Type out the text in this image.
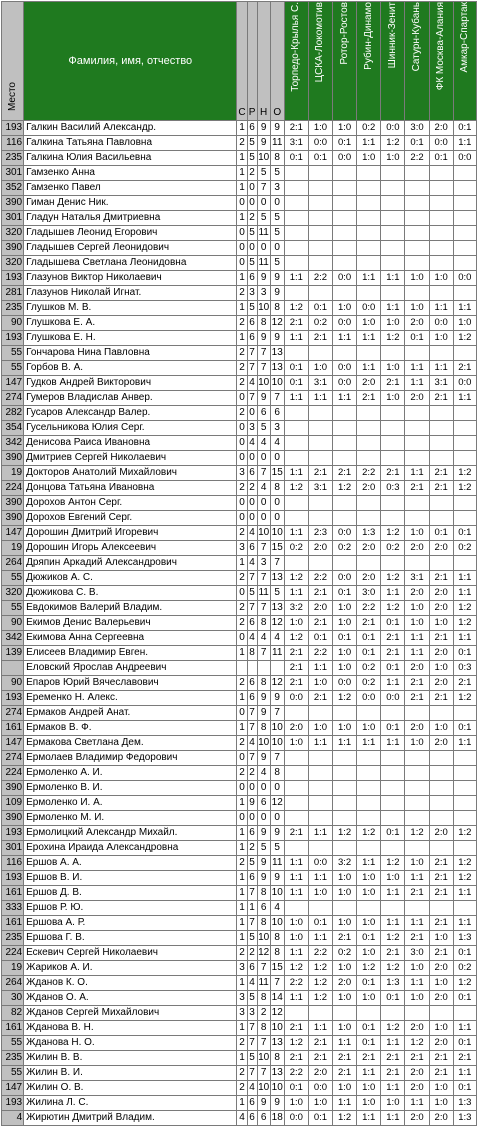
Место	Фамилия, имя, отчество	С	Р	Н	О	Торпедо-Крылья С.	ЦСКА-Локомотив	Ротор-Ростов	Рубин-Динамо	Шинник-Зенит	Сатурн-Кубань	ФК Москва-Алания	Амкар-Спартак
193	Галкин Василий Александр.	1	6	9	9	2:1	1:0	1:0	0:2	0:0	3:0	2:0	0:1
116	Галкина Татьяна Павловна	2	5	9	11	3:1	0:0	0:1	1:1	1:2	0:1	0:0	1:1
235	Галкина Юлия Васильевна	1	5	10	8	0:1	0:1	0:0	1:0	1:0	2:2	0:1	0:0
301	Гамзенко Анна	1	2	5	5								
352	Гамзенко Павел	1	0	7	3								
390	Гиман Денис Ник.	0	0	0	0								
301	Гладун Наталья Дмитриевна	1	2	5	5								
320	Гладышев Леонид Егорович	0	5	11	5								
390	Гладышев Сергей Леонидович	0	0	0	0								
320	Гладышева Светлана Леонидовна	0	5	11	5								
193	Глазунов Виктор Николаевич	1	6	9	9	1:1	2:2	0:0	1:1	1:1	1:0	1:0	0:0
281	Глазунов Николай Игнат.	2	3	3	9								
235	Глушков М. В.	1	5	10	8	1:2	0:1	1:0	0:0	1:1	1:0	1:1	1:1
90	Глушкова Е. А.	2	6	8	12	2:1	0:2	0:0	1:0	1:0	2:0	0:0	1:0
193	Глушкова Е. Н.	1	6	9	9	1:1	2:1	1:1	1:1	1:2	0:1	1:0	1:2
55	Гончарова Нина Павловна	2	7	7	13								
55	Горбов В. А.	2	7	7	13	0:1	1:0	0:0	1:1	1:0	1:1	1:1	2:1
147	Гудков Андрей Викторович	2	4	10	10	0:1	3:1	0:0	2:0	2:1	1:1	3:1	0:0
274	Гумеров Владислав Анвер.	0	7	9	7	1:1	1:1	1:1	2:1	1:0	2:0	2:1	1:1
282	Гусаров Александр Валер.	2	0	6	6								
354	Гусельникова Юлия Серг.	0	3	5	3								
342	Денисова Раиса Ивановна	0	4	4	4								
390	Дмитриев Сергей Николаевич	0	0	0	0								
19	Докторов Анатолий Михайлович	3	6	7	15	1:1	2:1	2:1	2:2	2:1	1:1	2:1	1:2
224	Донцова Татьяна Ивановна	2	2	4	8	1:2	3:1	1:2	2:0	0:3	2:1	2:1	1:2
390	Дорохов Антон Серг.	0	0	0	0								
390	Дорохов Евгений Серг.	0	0	0	0								
147	Дорошин Дмитрий Игоревич	2	4	10	10	1:1	2:3	0:0	1:3	1:2	1:0	0:1	0:1
19	Дорошин Игорь Алексеевич	3	6	7	15	0:2	2:0	0:2	2:0	0:2	2:0	2:0	0:2
264	Дряпин Аркадий Александрович	1	4	3	7								
55	Дюжиков А. С.	2	7	7	13	1:2	2:2	0:0	2:0	1:2	3:1	2:1	1:1
320	Дюжикова С. В.	0	5	11	5	1:1	2:1	0:1	3:0	1:1	2:0	2:0	1:1
55	Евдокимов Валерий Владим.	2	7	7	13	3:2	2:0	1:0	2:2	1:2	1:0	2:0	1:2
90	Екимов Денис Валерьевич	2	6	8	12	1:0	2:1	1:0	2:1	0:1	1:0	1:0	1:2
342	Екимова Анна Сергеевна	0	4	4	4	1:2	0:1	0:1	0:1	2:1	1:1	2:1	1:1
139	Елисеев Владимир Евген.	1	8	7	11	2:1	2:2	1:0	0:1	2:1	1:1	2:0	0:1
	Еловский Ярослав Андреевич					2:1	1:1	1:0	0:2	0:1	2:0	1:0	0:3
90	Епаров Юрий Вячеславович	2	6	8	12	2:1	1:0	0:0	0:2	1:1	2:1	2:0	2:1
193	Еременко Н. Алекс.	1	6	9	9	0:0	2:1	1:2	0:0	0:0	2:1	2:1	1:2
274	Ермаков Андрей Анат.	0	7	9	7								
161	Ермаков В. Ф.	1	7	8	10	2:0	1:0	1:0	1:0	0:1	2:0	1:0	0:1
147	Ермакова Светлана Дем.	2	4	10	10	1:0	1:1	1:1	1:1	1:1	1:0	2:0	1:1
274	Ермолаев Владимир Федорович	0	7	9	7								
224	Ермоленко А. И.	2	2	4	8								
390	Ермоленко В. И.	0	0	0	0								
109	Ермоленко И. А.	1	9	6	12								
390	Ермоленко М. И.	0	0	0	0								
193	Ермолицкий Александр Михайл.	1	6	9	9	2:1	1:1	1:2	1:2	0:1	1:2	2:0	1:2
301	Ерохина Ираида Александровна	1	2	5	5								
116	Ершов А. А.	2	5	9	11	1:1	0:0	3:2	1:1	1:2	1:0	2:1	1:2
193	Ершов В. И.	1	6	9	9	1:1	1:1	1:0	1:0	1:0	1:1	2:1	1:2
161	Ершов Д. В.	1	7	8	10	1:1	1:0	1:0	1:0	1:1	2:1	2:1	1:1
333	Ершов Р. Ю.	1	1	6	4								
161	Ершова А. Р.	1	7	8	10	1:0	0:1	1:0	1:0	1:1	1:1	2:1	1:1
235	Ершова Г. В.	1	5	10	8	1:0	1:1	2:1	0:1	1:2	2:1	1:0	1:3
224	Ескевич Сергей Николаевич	2	2	12	8	1:1	2:2	0:2	1:0	2:1	3:0	2:1	0:1
19	Жариков А. И.	3	6	7	15	1:2	1:2	1:0	1:2	1:2	1:0	2:0	0:2
264	Жданов К. О.	1	4	11	7	2:2	1:2	2:0	0:1	1:3	1:1	1:0	1:2
30	Жданов О. А.	3	5	8	14	1:1	1:2	1:0	1:0	0:1	1:0	2:0	0:1
82	Жданов Сергей Михайлович	3	3	2	12								
161	Жданова В. Н.	1	7	8	10	2:1	1:1	1:0	0:1	1:2	2:0	1:0	1:1
55	Жданова Н. О.	2	7	7	13	1:2	2:1	1:1	0:1	1:1	1:2	2:0	0:1
235	Жилин В. В.	1	5	10	8	2:1	2:1	2:1	2:1	2:1	2:1	2:1	2:1
55	Жилин В. И.	2	7	7	13	2:2	2:0	2:1	1:1	2:1	2:0	2:1	1:1
147	Жилин О. В.	2	4	10	10	0:1	0:0	1:0	1:0	1:1	2:0	1:0	0:1
193	Жилина Л. С.	1	6	9	9	1:0	1:0	1:1	1:0	1:0	1:1	1:0	1:3
4	Жирютин Дмитрий Владим.	4	6	6	18	0:0	0:1	1:2	1:1	1:1	2:0	2:0	1:3
